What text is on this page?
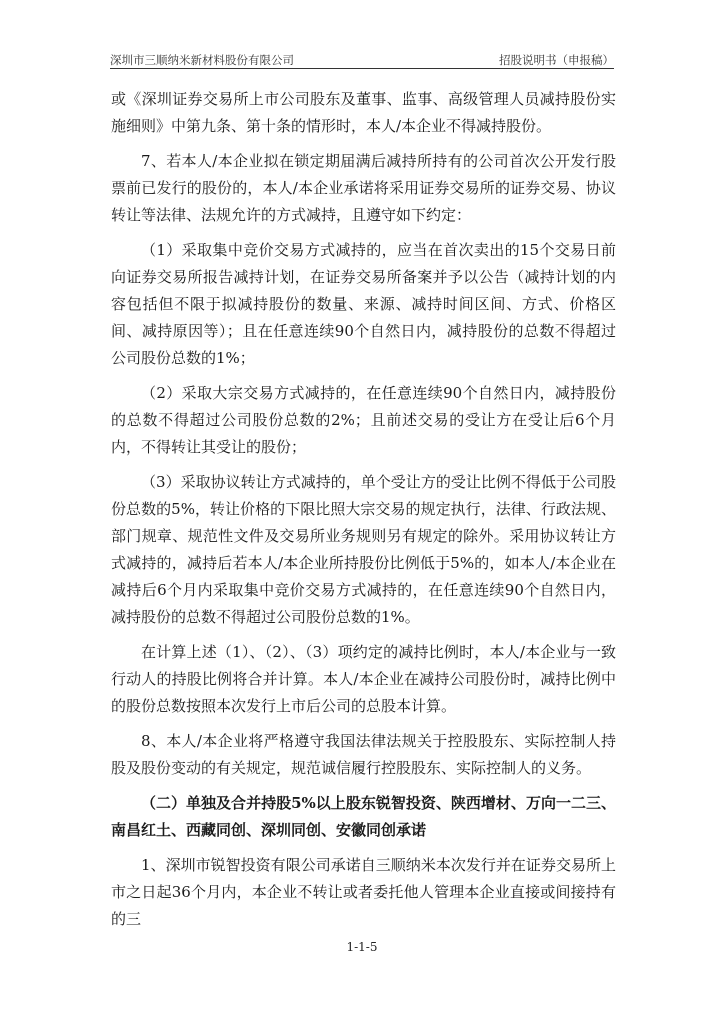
深圳市三顺纳米新材料股份有限公司	招股说明书（申报稿）

或《深圳证券交易所上市公司股东及董事、监事、高级管理人员减持股份实施细则》中第九条、第十条的情形时，本人/本企业不得减持股份。

7、若本人/本企业拟在锁定期届满后减持所持有的公司首次公开发行股票前已发行的股份的，本人/本企业承诺将采用证券交易所的证券交易、协议转让等法律、法规允许的方式减持，且遵守如下约定：

（1）采取集中竞价交易方式减持的，应当在首次卖出的15个交易日前向证券交易所报告减持计划，在证券交易所备案并予以公告（减持计划的内容包括但不限于拟减持股份的数量、来源、减持时间区间、方式、价格区间、减持原因等）；且在任意连续90个自然日内，减持股份的总数不得超过公司股份总数的1%；

（2）采取大宗交易方式减持的，在任意连续90个自然日内，减持股份的总数不得超过公司股份总数的2%；且前述交易的受让方在受让后6个月内，不得转让其受让的股份；

（3）采取协议转让方式减持的，单个受让方的受让比例不得低于公司股份总数的5%，转让价格的下限比照大宗交易的规定执行，法律、行政法规、部门规章、规范性文件及交易所业务规则另有规定的除外。采用协议转让方式减持的，减持后若本人/本企业所持股份比例低于5%的，如本人/本企业在减持后6个月内采取集中竞价交易方式减持的，在任意连续90个自然日内，减持股份的总数不得超过公司股份总数的1%。

在计算上述（1）、（2）、（3）项约定的减持比例时，本人/本企业与一致行动人的持股比例将合并计算。本人/本企业在减持公司股份时，减持比例中的股份总数按照本次发行上市后公司的总股本计算。

8、本人/本企业将严格遵守我国法律法规关于控股股东、实际控制人持股及股份变动的有关规定，规范诚信履行控股股东、实际控制人的义务。

（二）单独及合并持股5%以上股东锐智投资、陕西增材、万向一二三、南昌红土、西藏同创、深圳同创、安徽同创承诺

1、深圳市锐智投资有限公司承诺自三顺纳米本次发行并在证券交易所上市之日起36个月内，本企业不转让或者委托他人管理本企业直接或间接持有的三

1-1-5
